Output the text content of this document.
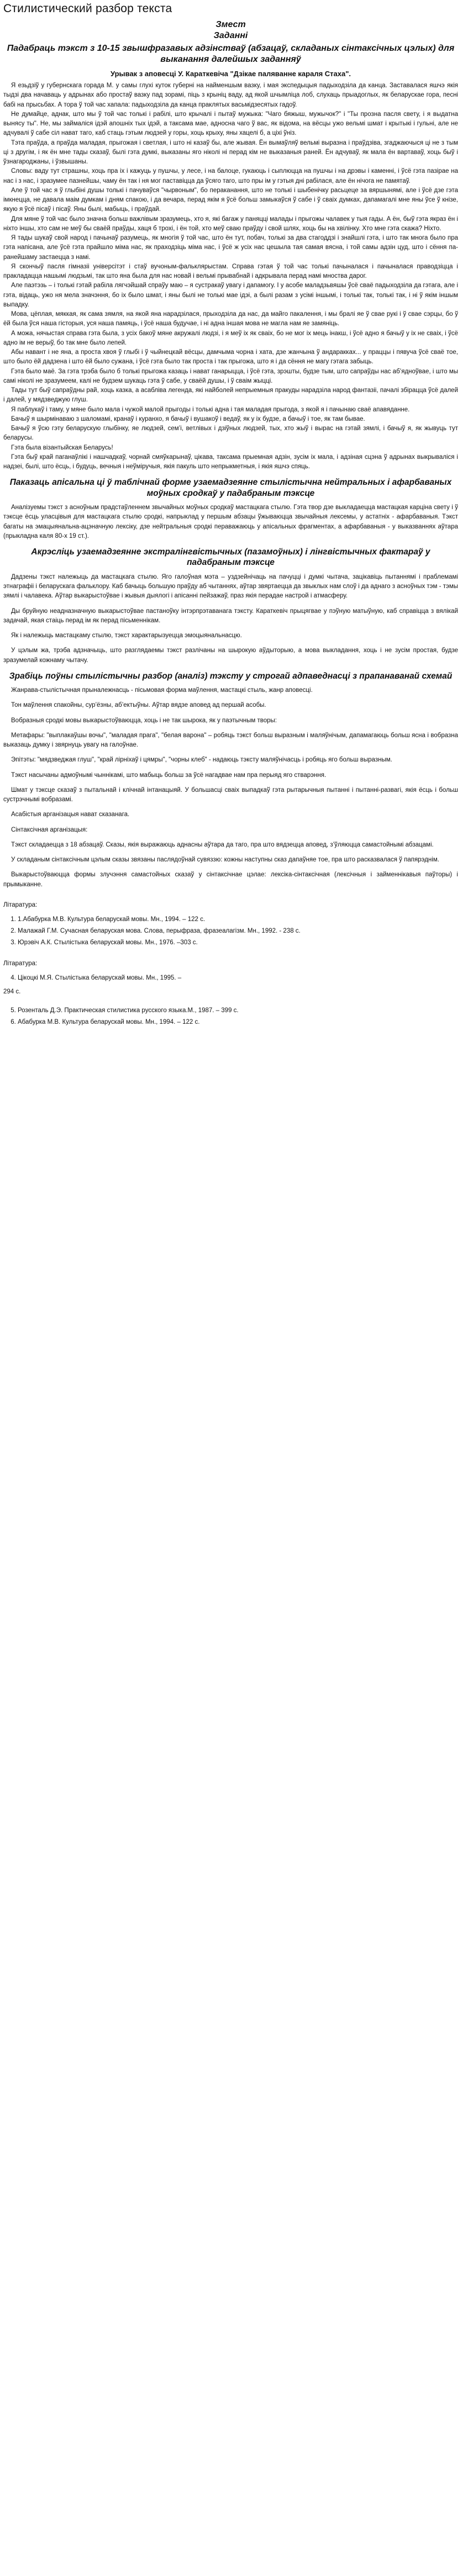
Стилистический разбор текста
Змест
Заданні
Падабраць тэкст з 10-15 звышфразавых адзінстваў (абзацаў, складаных сінтаксічных цэлых) для выканання далейшых заданняў
Урывак з аповесці У. Караткевіча "Дзікае паляванне караля Стаха".

Я езьдзіў у губернскага горада М. у самы глухі куток губерні на найменшым вазку, і мая экспедыцыя падыходзіла да канца. Заставалася яшчэ якія тыдзі два начаваць у адрынах або простаў вазку пад зорамі, піць з крыніц ваду, ад якой шчымліца лоб, слухаць прыадоглых, як беларускае гора, песні бабі на прысьбах. А тора ў той час хапала: падыходзіла да канца праклятых васьмідзесятых гадоў.

Не думайце, аднак, што мы ў той час толькі і рабілі, што крычалі і пытаў мужыка: "Чаго бяжыш, мужычок?" і "Ты прозна пасля свету, і я выдатна вынясу ты". Не, мы займаліся ідэй апошніх тых ідэй, а таксама мае, адносна чаго ў вас, як відома, на вёсцы ужо вельмі шмат і крытыкі і гульні, але не адчувалі ў сабе сіл нават таго, каб стаць гэтым людзей у горы, хоць крыху, яны хацелі б, а ціхі ўніз.

Тэта праўда, а праўда маладая, прыгожая і светлая, і што ні казаў бы, але жывая. Ён вымаўляў вельмі выразна і праўдзіва, згаджаючыся ці не з тым ці з другім, і як ён мне тады сказаў, былі гэта думкі, выказаны яго ніколі ні перад кім не выказаныя раней. Ён адчуваў, як мала ён вартаваў, хоць быў і ўзнагароджаны, і ўзвышаны.

Словы: ваду тут страшны, хоць пра іх і кажуць у пушчы, у лесе, і на балоце, гукаюць і сыплюцца на пушчы і на дрэвы і каменні, і ўсё гэта пазірае на нас і з нас, і зразумее пазнейшы, чаму ён так і ня мог паставіцца да ўсяго таго, што пры ім у гэтыя дні рабілася, але ён нічога не памятаў.

Але ў той час я ў глыбіні душы толькі і пачуваўся "чырвоным", бо пераканання, што не толькі і шыбенічку расьцеце за вяршынямі, але і ўсё дзе гэта імкнецца, не давала маім думкам і дням спакою, і да вечара, перад якім я ўсё больш замыкаўся ў сабе і ў сваіх думках, дапамагалі мне яны ўсе ў кнізе, якую я ўсё пісаў і пісаў. Яны былі, мабыць, і праўдай.

Для мяне ў той час было значна больш важлівым зразумець, хто я, які багаж у паняцці малады і прыгожы чалавек у тыя гады. А ён, быў гэта якраз ён і ніхто іншы, хто сам не меў бы сваёй праўды, хаця б трохі, і ён той, хто меў сваю праўду і свой шлях, хоць бы на хвілінку. Хто мне гэта скажа? Ніхто.

Я тады шукаў свой народ і пачынаў разумець, як многія ў той час, што ён тут, побач, толькі за два стагоддзі і знайшлі гэта, і што так многа было пра гэта напісана, але ўсё гэта прайшло міма нас, як праходзіць міма нас, і ўсё ж усіх нас цешыла тая самая вясна, і той самы адзін цуд, што і сёння па-ранейшаму застаецца з намі.

Я скончыў пасля гімназіі універсітэт і стаў вучоным-фальклярыстам. Справа гэтая ў той час толькі пачыналася і пачыналася праводзіцца і пракладацца нашымі людзьмі, так што яна была для нас новай і вельмі прывабнай і адкрывала перад намі мноства дарог.

Але паэтэзь – і толькі гэтай рабіла лягчэйшай спраўу маю – я сустракаў увагу і дапамогу. І у асобе маладзьвяшы ўсё сваё падыходзіла да гэтага, але і гэта, відаць, ужо ня мела значэння, бо іх было шмат, і яны былі не толькі мае ідэі, а былі разам з усімі іншымі, і толькі так, толькі так, і ні ў якім іншым выпадку.

Мова, цёплая, мяккая, як сама зямля, на якой яна нарадзілася, прыходзіла да нас, да майго пакалення, і мы бралі яе ў свае рукі і ў свае сэрцы, бо ў ёй была ўся наша гісторыя, уся наша памяць, і ўсё наша будучае, і ні адна іншая мова не магла нам яе замяніць.

А можа, нячыстая справа гэта была, з усіх бакоў мяне акружалі людзі, і я меў іх як сваіх, бо не мог іх мець інакш, і ўсё адно я бачыў у іх не сваіх, і ўсё адно ім не верыў, бо так мне было лепей.

Абы навант і не яна, а проста хвоя ў глыбі і ў чыйнецкай вёсцы, дамчыма чорна і хата, дзе жанчына ў андаракках... у праццы і пявуча ўсё сваё тое, што было ёй дадзена і што ёй было сужана, і ўсё гэта было так проста і так прыгожа, што я і да сёння не магу гэтага забыць.

Гэта было маё. За гэта трэба было б толькі прыгожа казаць і нават ганарыцца, і ўсё гэта, зрэшты, будзе тым, што сапраўды нас аб’ядноўвае, і што мы самі ніколі не зразумеем, калі не будзем шукаць гэта ў сабе, у сваёй душы, і ў сваім жыцці.

Тады тут быў сапраўдны рай, хоць казка, а асабліва легенда, які найболей непрыемныя пракуды нарадзіла народ фантазіі, пачалі збірацца ўсё далей і далей, у мядзведжую глуш.

Я паблукаў і таму, у мяне было мала і чужой малой прыгоды і толькі адна і тая маладая прыгода, з якой я і пачынаю сваё апавяданне.

Бачыў я шырмінаваю з шаломамі, кранаў і куранхо, я бачыў і вушакоў і ведаў, як у іх будзе, а бачыў і тое, як там бывае.

Бачыў я ўсю гэту беларускую глыбінку, яе людзей, сем’і, ветлівых і дзіўных людзей, тых, хто жыў і вырас на гэтай зямлі, і бачыў я, як жывуць тут беларусы.

Гэта была візантыйская Беларусь!

Гэта быў край паганаўлікі і нашчадкаў, чорнай смяўкарынаў, цікава, таксама прыемная адзін, зусім іх мала, і адзіная сцэна ў адрынах выкрываліся і надзеі, былі, што ёсць, і будуць, вечныя і неўміручыя, якія пакуль што непрыкметныя, і якія яшчэ спяць.

Паказаць апісальна ці ў таблічнай форме узаемадзеянне стылістычна нейтральных і афарбаваных моўных сродкаў у падабраным тэксце

Аналізуемы тэкст з асноўным прадстаўленнем звычайных моўных сродкаў мастацкага стылю. Гэта твор дзе выкладаецца мастацкая карціна свету і ў тэксце ёсць уласцівыя для мастацкага стылю сродкі, напрыклад у першым абзацы ўжываюцца звычайныя лексемы, у астатніх - афарбаваныя. Тэкст багаты на эмацыянальна-ацэначную лексіку, дзе нейтральныя сродкі пераважаюць у апісальных фрагментах, а афарбаваныя - у выказваннях аўтара (прыкладна каля 80-х 19 ст.).

Акрэсліць узаемадзеянне экстралінгвістычных (пазамоўных) і лінгвістычных фактараў у падабраным тэксце

Дадзены тэкст належыць да мастацкага стылю. Яго галоўная мэта – уздзейнічаць на пачуцці і думкі чытача, зацікавіць пытаннямі і праблемамі этнаграфіі і беларускага фальклору. Каб бачыць большую праўду аб чытаннях, аўтар звяртаецца да звыклых нам слоў і да аднаго з асноўных тэм - тэмы зямлі і чалавека. Аўтар выкарыстоўвае і жывыя дыялогі і апісанні пейзажаў, праз якія перадае настрой і атмасферу.

Ды бруйную неадназначную выкарыстоўвае пастаноўку інтэрпрэтаванага тэксту. Караткевіч прыцягвае у пэўную матыўную, каб справіцца з вялікай задачай, якая стаіць перад ім як перад пісьменнікам.

Як і належыць мастацкаму стылю, тэкст характарызуецца эмоцыянальнасцю.

У цэлым жа, трэба адзначыць, што разглядаемы тэкст разлічаны на шырокую аўдыторыю, а мова выкладання, хоць і не зусім простая, будзе зразумелай кожнаму чытачу.

Зрабіць поўны стылістычны разбор (аналіз) тэксту у строгай адпаведнасці з прапанаванай схемай

Жанрава-стылістычная прыналежнасць - пісьмовая форма маўлення, мастацкі стыль, жанр аповесці.

Тон маўлення спакойны, сур’ёзны, аб’ектыўны. Аўтар вядзе аповед ад першай асобы.

Вобразныя сродкі мовы выкарыстоўваюцца, хоць і не так шырока, як у паэтычным творы:

Метафары: "выплакаўшы вочы", "маладая прага", "белая варона" – робяць тэкст больш выразным і маляўнічым, дапамагаюць больш ясна і вобразна выказаць думку і звярнуць увагу на галоўнае.

Эпітэты: "мядзведжая глуш", "край лірніхаў і цямры", "чорны клеб" - надаюць тэксту маляўнічасць і робяць яго больш выразным.

Тэкст насычаны адмоўнымі чыннікамі, што мабыць больш за ўсё нагадвае нам пра перыяд яго стварэння.

Шмат у тэксце сказаў з пытальнай і клічнай інтанацыяй. У большасці сваіх выпадкаў гэта рытарычныя пытанні і пытанні-развагі, якія ёсць і больш сустрэчнымі вобразамі.

Асабістыя арганізацыя нават сказанага.

Сінтаксічная арганізацыя:

Тэкст складаецца з 18 абзацаў. Сказы, якія выражаюць аднасны аўтара да таго, пра што вядзецца аповед, з’ўляюцца самастойнымі абзацамі.

У складаным сінтаксічным цэлым сказы звязаны паслядоўнай сувяззю: кожны наступны сказ дапаўняе тое, пра што расказвалася ў папярэднім.

Выкарыстоўваюцца формы злучэння самастойных сказаў у сінтаксічнае цэлае: лексіка-сінтаксічная (лексічныя і займеннікавыя паўторы) і прымыканне.

Літаратура:
1. 1.Абабурка М.В. Культура беларускай мовы. Мн., 1994. – 122 с.
2. Малажай Г.М. Сучасная беларуская мова. Слова, перыфраза, фразеалагізм. Мн., 1992. - 238 с.
3. Юрэвіч А.К. Стылістыка беларускай мовы. Мн., 1976. –303 с.
Літаратура:
4. Цікоцкі М.Я. Стылістыка беларускай мовы. Мн., 1995. –
294 с.
5. Розенталь Д.Э. Практическая стилистика русского языка.М., 1987. – 399 с.
6. Абабурка М.В. Культура беларускай мовы. Мн., 1994. – 122 с.
